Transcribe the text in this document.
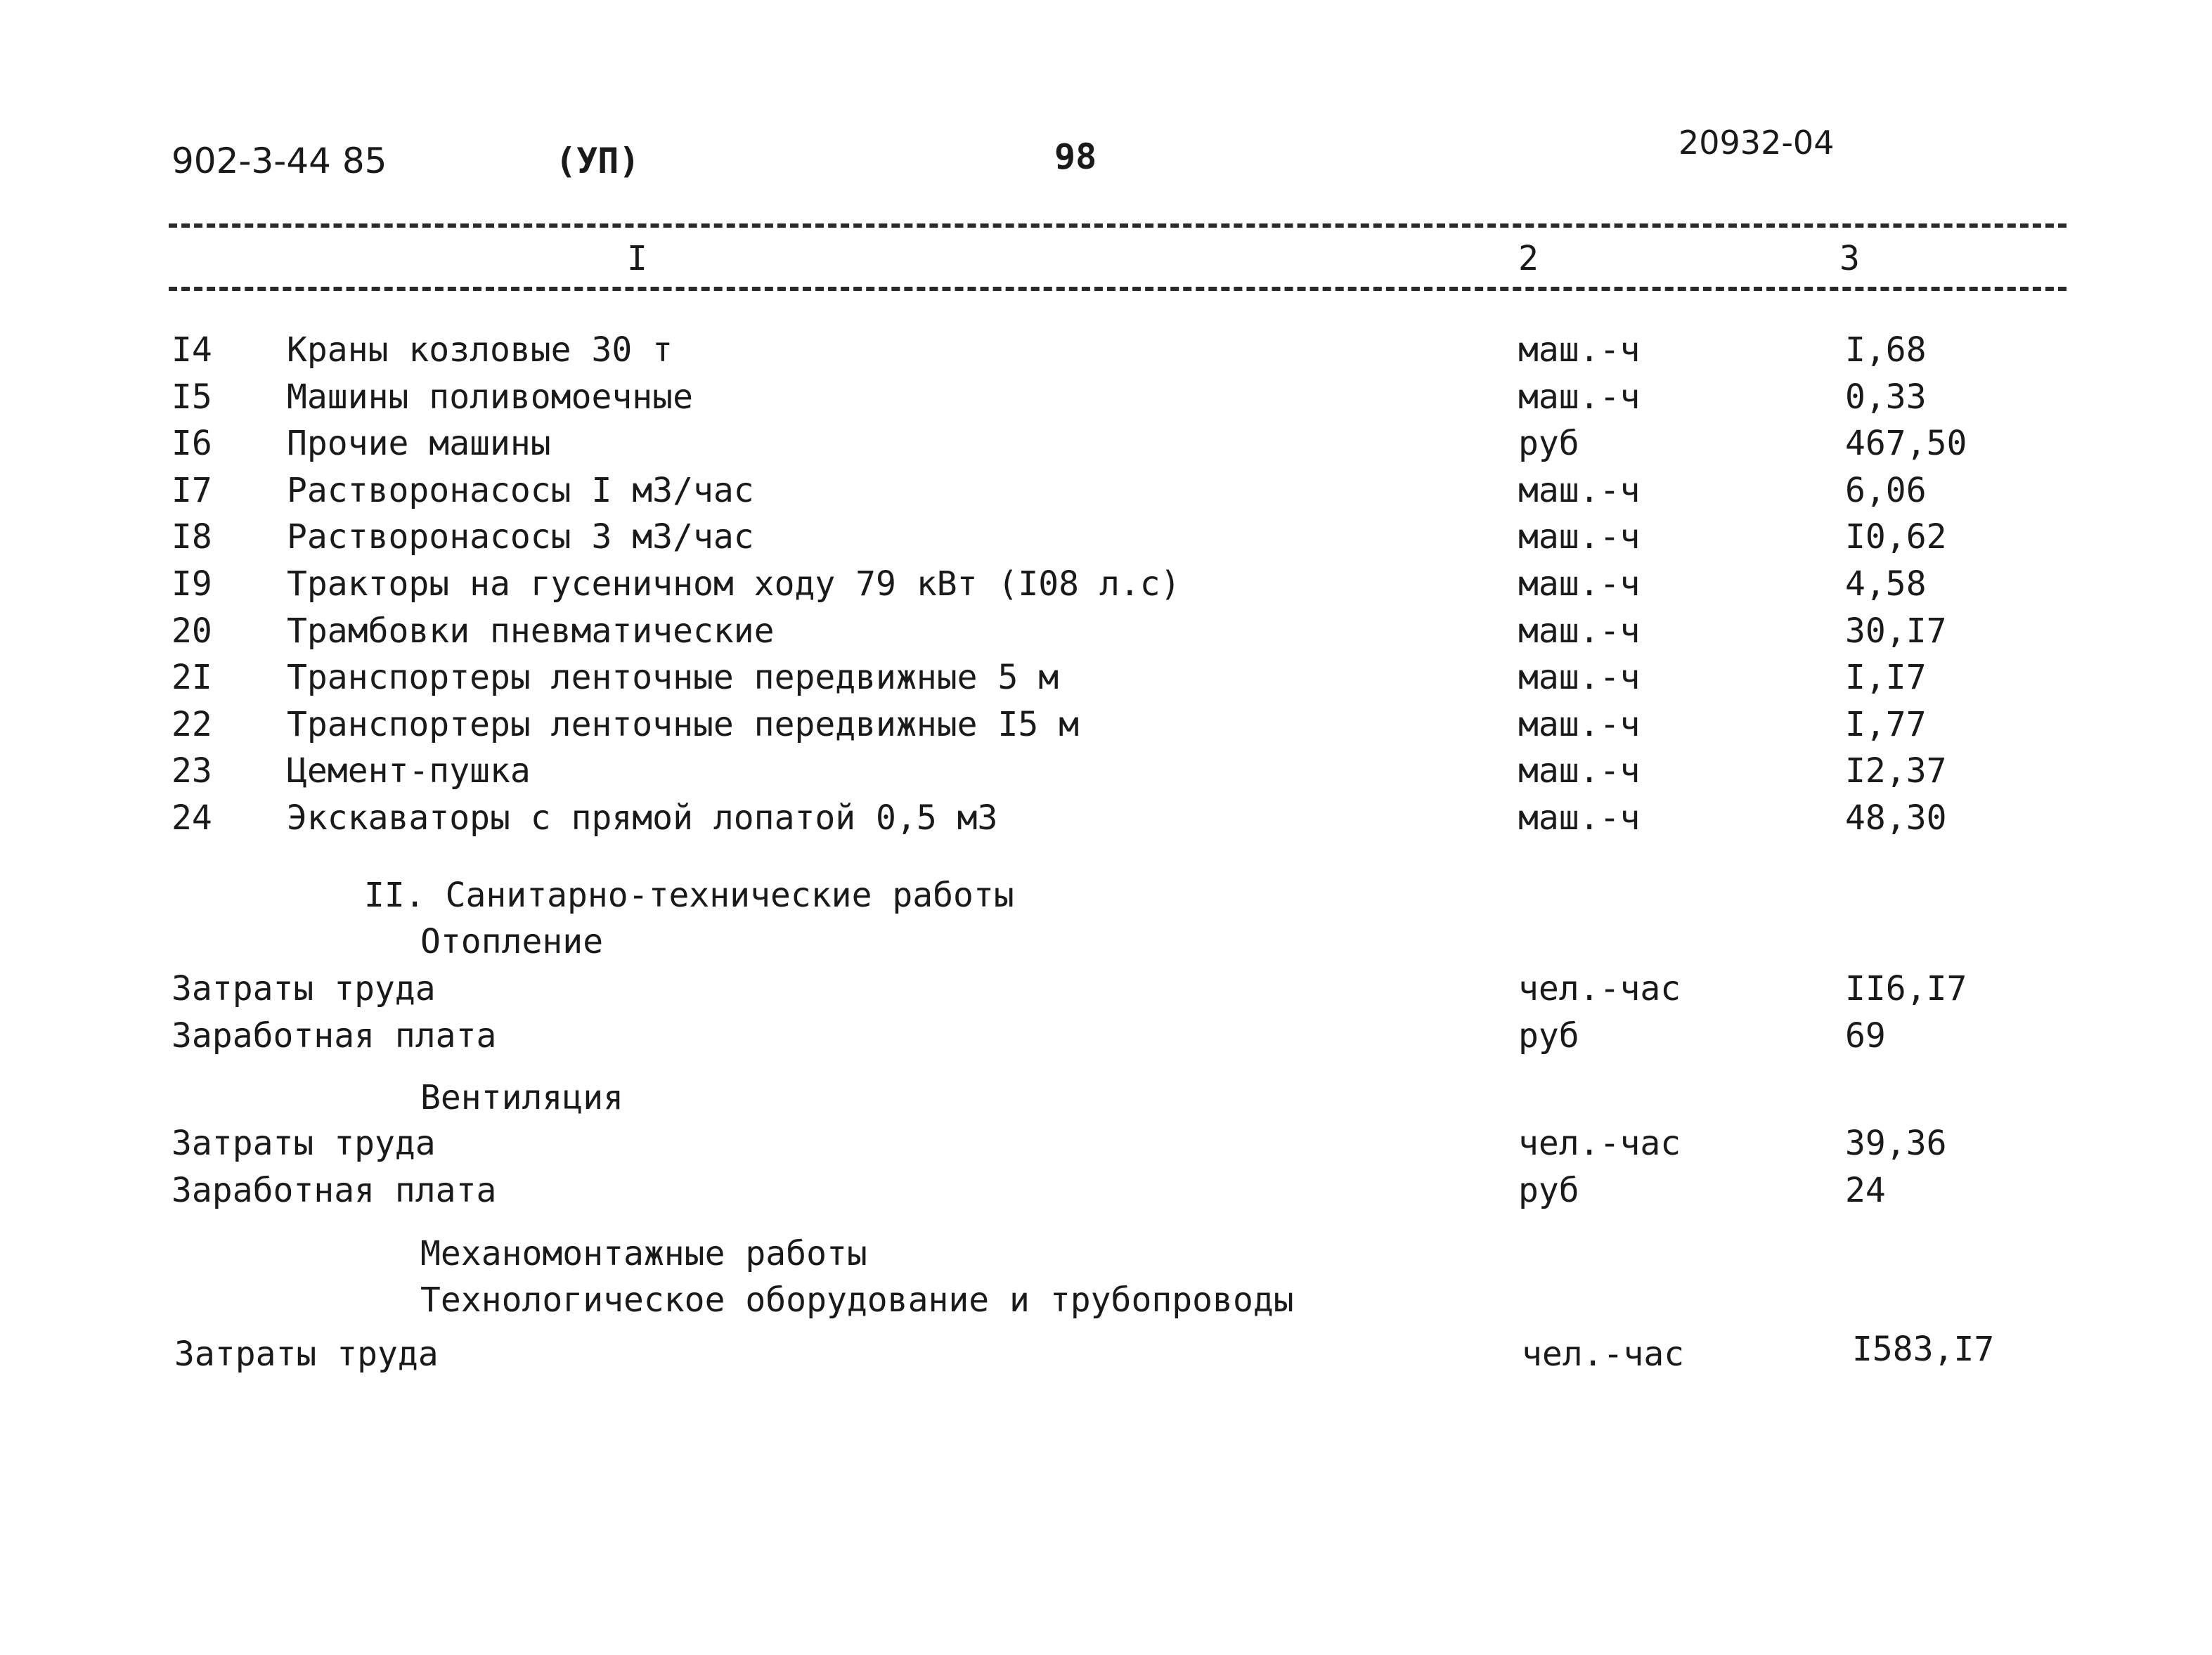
902-3-44 85	(УП)	98	20932-04
I	2	3
I4 Краны козловые 30 т	маш.-ч	I,68
I5 Машины поливомоечные	маш.-ч	0,33
I6 Прочие машины	руб	467,50
I7 Растворонасосы I м3/час	маш.-ч	6,06
I8 Растворонасосы 3 м3/час	маш.-ч	I0,62
I9 Тракторы на гусеничном ходу 79 кВт (I08 л.с)	маш.-ч	4,58
20 Трамбовки пневматические	маш.-ч	30,I7
2I Транспортеры ленточные передвижные 5 м	маш.-ч	I,I7
22 Транспортеры ленточные передвижные I5 м	маш.-ч	I,77
23 Цемент-пушка	маш.-ч	I2,37
24 Экскаваторы с прямой лопатой 0,5 м3	маш.-ч	48,30
II. Санитарно-технические работы
Отопление
Затраты труда	чел.-час	II6,I7
Заработная плата	руб	69
Вентиляция
Затраты труда	чел.-час	39,36
Заработная плата	руб	24
Механомонтажные работы
Технологическое оборудование и трубопроводы
Затраты труда	чел.-час	I583,I7
